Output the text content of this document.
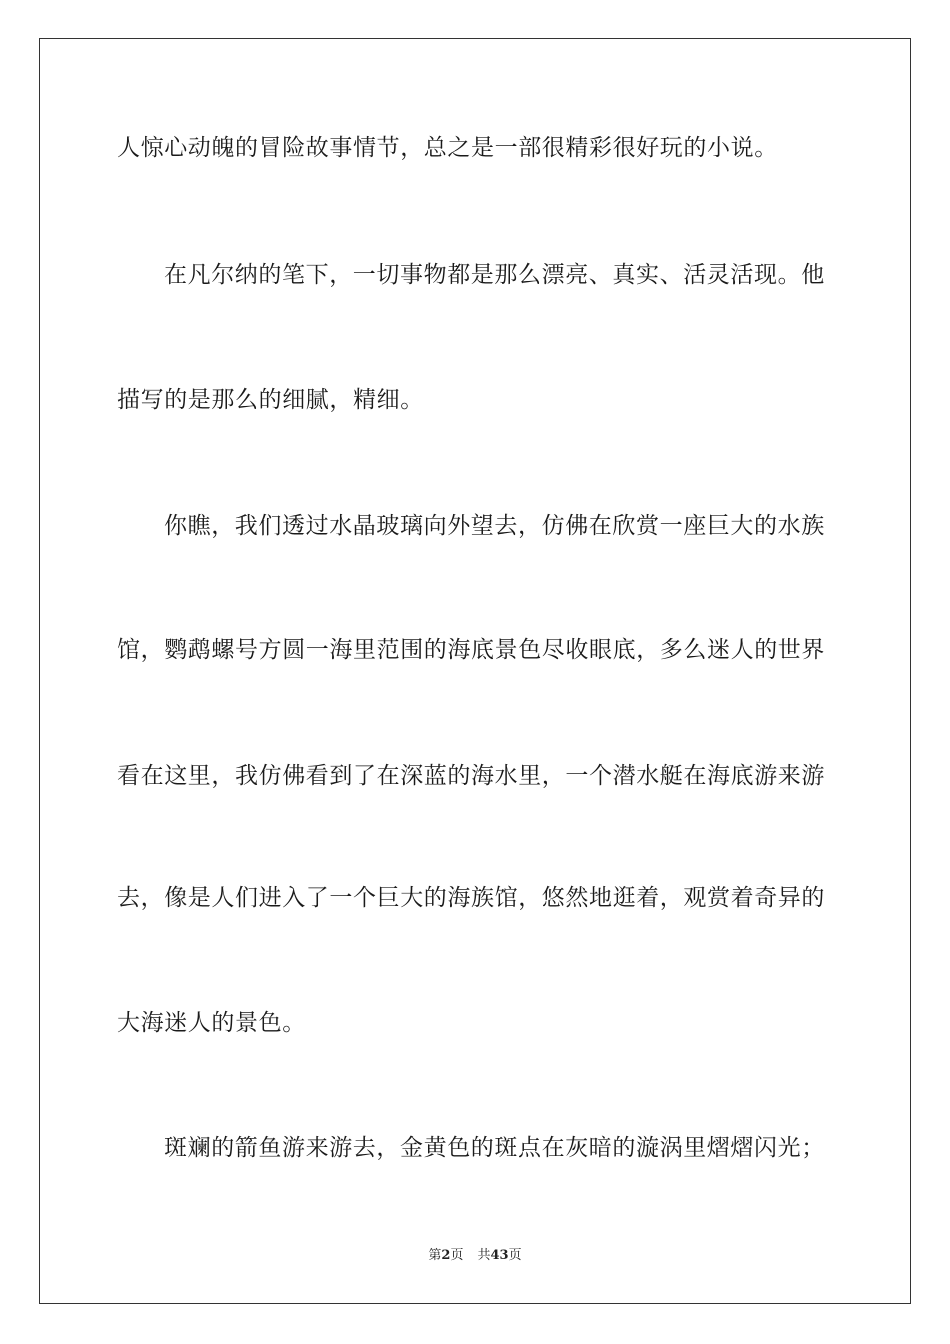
人惊心动魄的冒险故事情节，总之是一部很精彩很好玩的小说。
在凡尔纳的笔下，一切事物都是那么漂亮、真实、活灵活现。他
描写的是那么的细腻，精细。
你瞧，我们透过水晶玻璃向外望去，仿佛在欣赏一座巨大的水族
馆，鹦鹉螺号方圆一海里范围的海底景色尽收眼底，多么迷人的世界
看在这里，我仿佛看到了在深蓝的海水里，一个潜水艇在海底游来游
去，像是人们进入了一个巨大的海族馆，悠然地逛着，观赏着奇异的
大海迷人的景色。
斑斓的箭鱼游来游去，金黄色的斑点在灰暗的漩涡里熠熠闪光；
第2页 共43页
